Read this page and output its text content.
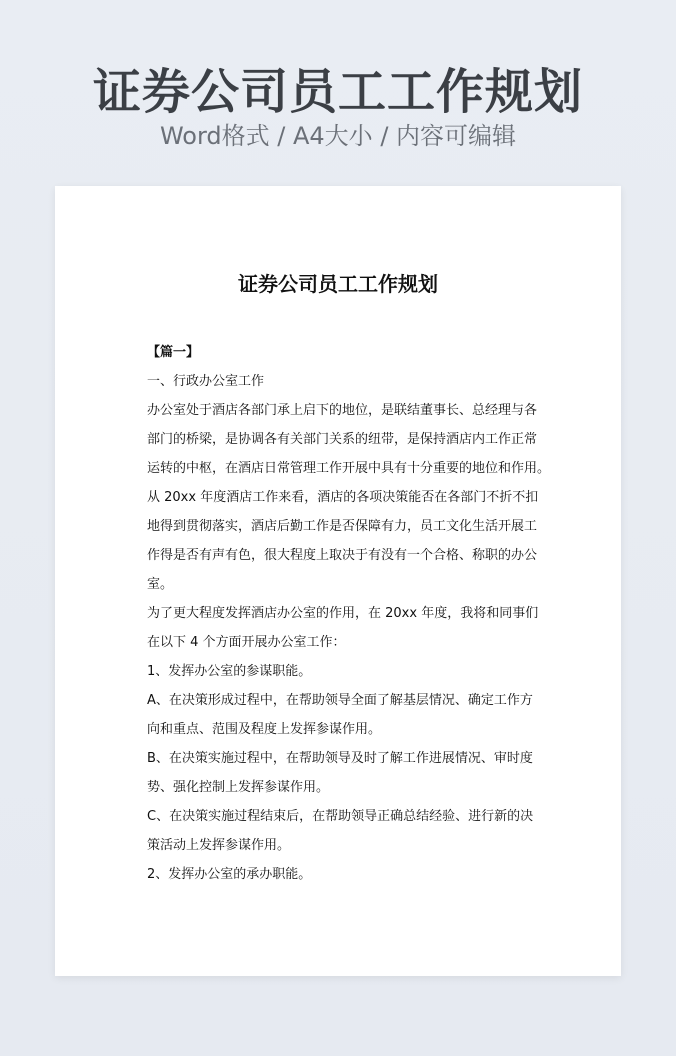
证券公司员工工作规划
Word格式 / A4大小 / 内容可编辑
证券公司员工工作规划
【篇一】
一、行政办公室工作
办公室处于酒店各部门承上启下的地位，是联结董事长、总经理与各
部门的桥梁，是协调各有关部门关系的纽带，是保持酒店内工作正常
运转的中枢，在酒店日常管理工作开展中具有十分重要的地位和作用。
从 20xx 年度酒店工作来看，酒店的各项决策能否在各部门不折不扣
地得到贯彻落实，酒店后勤工作是否保障有力，员工文化生活开展工
作得是否有声有色，很大程度上取决于有没有一个合格、称职的办公
室。
为了更大程度发挥酒店办公室的作用，在 20xx 年度，我将和同事们
在以下 4 个方面开展办公室工作：
1、发挥办公室的参谋职能。
A、在决策形成过程中，在帮助领导全面了解基层情况、确定工作方
向和重点、范围及程度上发挥参谋作用。
B、在决策实施过程中，在帮助领导及时了解工作进展情况、审时度
势、强化控制上发挥参谋作用。
C、在决策实施过程结束后，在帮助领导正确总结经验、进行新的决
策活动上发挥参谋作用。
2、发挥办公室的承办职能。
